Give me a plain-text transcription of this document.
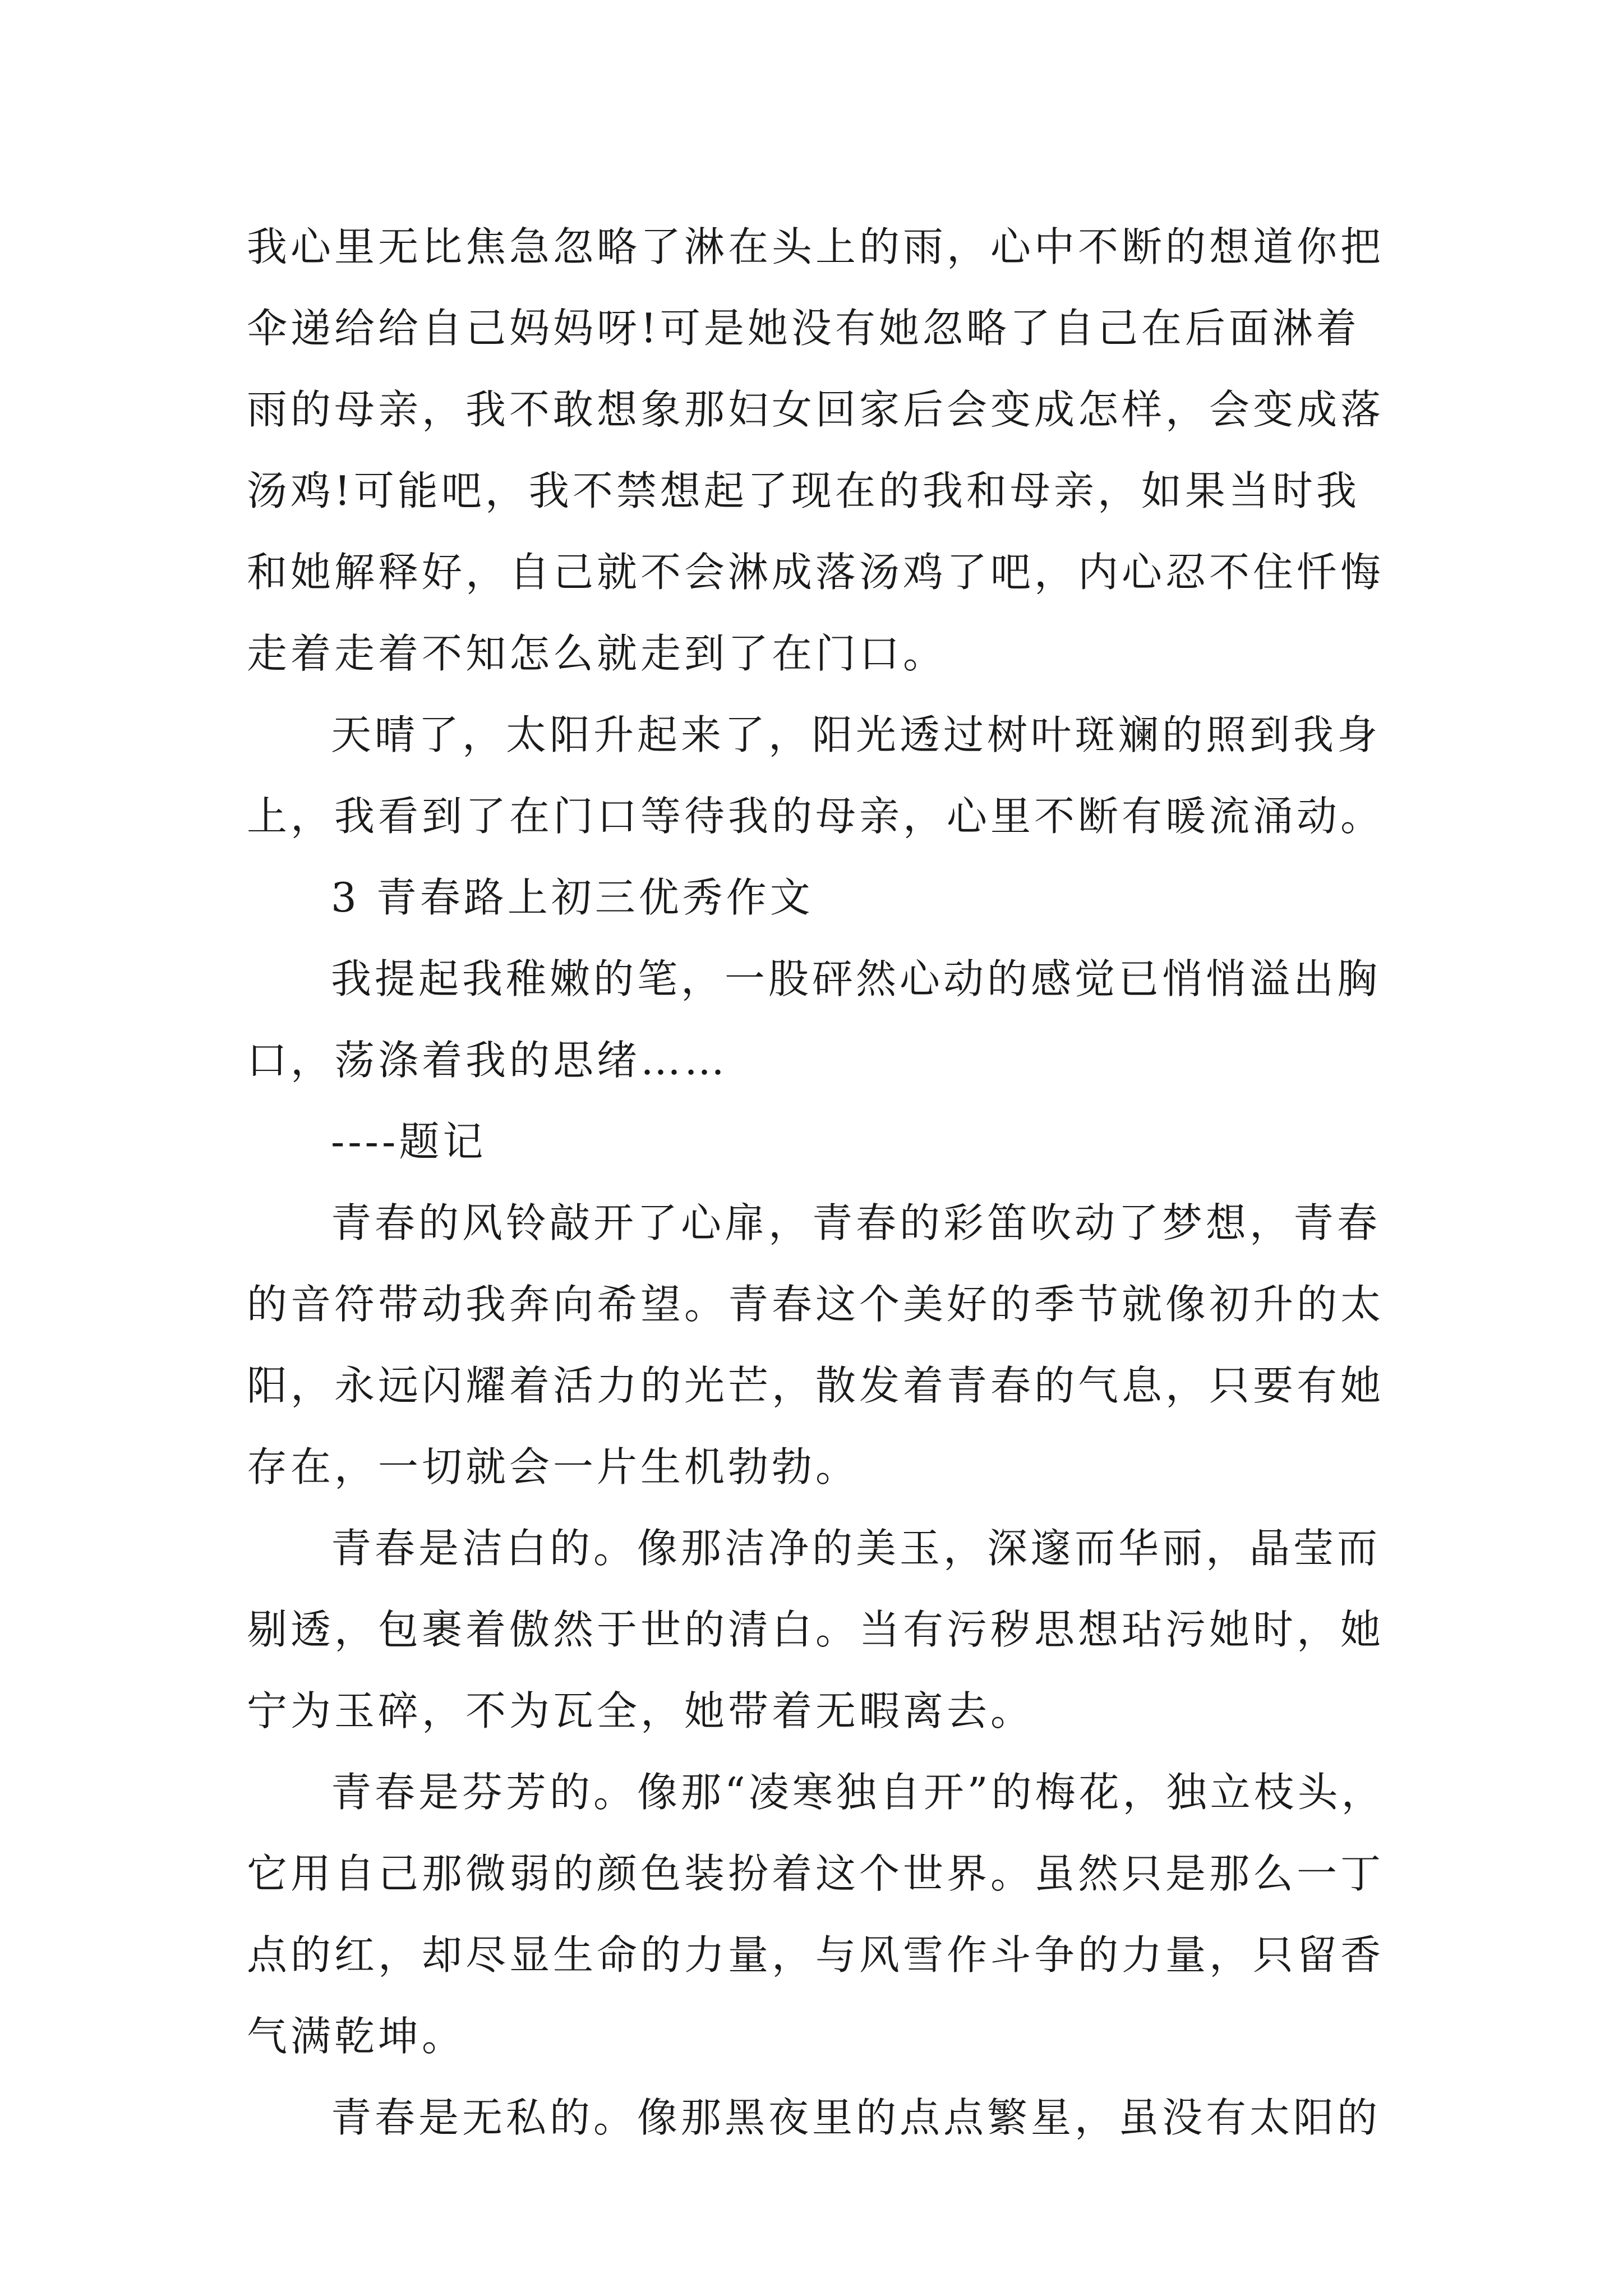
我心里无比焦急忽略了淋在头上的雨，心中不断的想道你把伞递给给自己妈妈呀!可是她没有她忽略了自己在后面淋着雨的母亲，我不敢想象那妇女回家后会变成怎样，会变成落汤鸡!可能吧，我不禁想起了现在的我和母亲，如果当时我和她解释好，自己就不会淋成落汤鸡了吧，内心忍不住忏悔走着走着不知怎么就走到了在门口。

天晴了，太阳升起来了，阳光透过树叶斑斓的照到我身上，我看到了在门口等待我的母亲，心里不断有暖流涌动。

3 青春路上初三优秀作文

我提起我稚嫩的笔，一股砰然心动的感觉已悄悄溢出胸口，荡涤着我的思绪……

----题记

青春的风铃敲开了心扉，青春的彩笛吹动了梦想，青春的音符带动我奔向希望。青春这个美好的季节就像初升的太阳，永远闪耀着活力的光芒，散发着青春的气息，只要有她存在，一切就会一片生机勃勃。

青春是洁白的。像那洁净的美玉，深邃而华丽，晶莹而剔透，包裹着傲然于世的清白。当有污秽思想玷污她时，她宁为玉碎，不为瓦全，她带着无暇离去。

青春是芬芳的。像那“凌寒独自开”的梅花，独立枝头，它用自己那微弱的颜色装扮着这个世界。虽然只是那么一丁点的红，却尽显生命的力量，与风雪作斗争的力量，只留香气满乾坤。

青春是无私的。像那黑夜里的点点繁星，虽没有太阳的
